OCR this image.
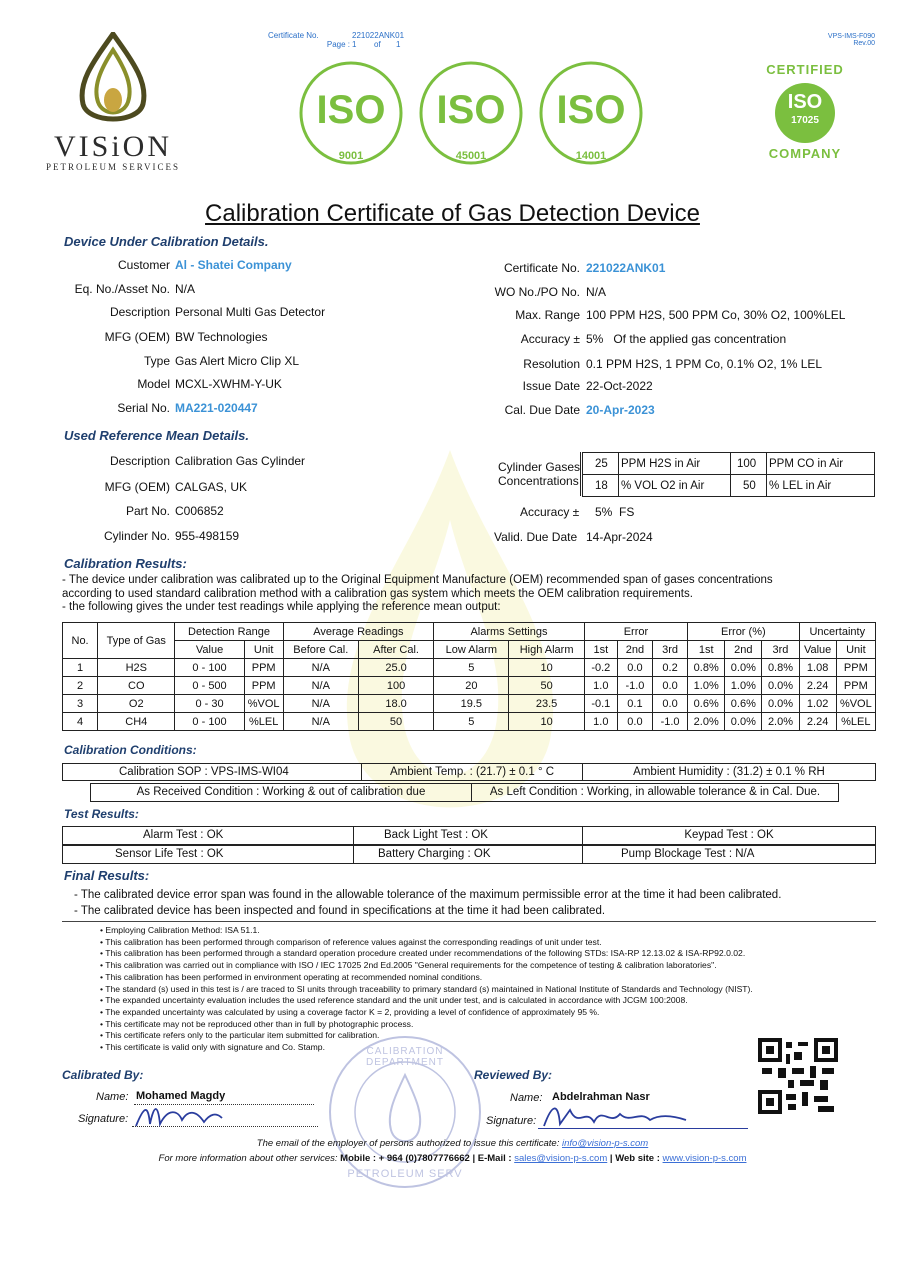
VISiON
PETROLEUM SERVICES
Certificate No.	221022ANK01
Page : 1 of 1
VPS-IMS-F090
Rev.00
ISO
9001
ISO
45001
ISO
14001
CERTIFIED
ISO
17025
COMPANY
Calibration Certificate of Gas Detection Device
Device Under Calibration Details.
Customer Al - Shatei Company
Eq. No./Asset No. N/A
Description Personal Multi Gas Detector
MFG (OEM) BW Technologies
Type Gas Alert Micro Clip XL
Model MCXL-XWHM-Y-UK
Serial No. MA221-020447
Certificate No. 221022ANK01
WO No./PO No. N/A
Max. Range 100 PPM H2S, 500 PPM Co, 30% O2, 100%LEL
Accuracy ± 5%   Of the applied gas concentration
Resolution 0.1 PPM H2S, 1 PPM Co, 0.1% O2, 1% LEL
Issue Date 22-Oct-2022
Cal. Due Date 20-Apr-2023
Used Reference Mean Details.
Description Calibration Gas Cylinder
MFG (OEM) CALGAS, UK
Part No. C006852
Cylinder No. 955-498159
Cylinder Gases
Concentrations
25	PPM H2S in Air	100	PPM CO in Air
18	% VOL O2 in Air	50	% LEL in Air
Accuracy ± 5%  FS
Valid. Due Date 14-Apr-2024
Calibration Results:
- The device under calibration was calibrated up to the Original Equipment Manufacture (OEM) recommended span of gases concentrations
according to used standard calibration method with a calibration gas system which meets the OEM calibration requirements.
- the following gives the under test readings while applying the reference mean output:
No.	Type of Gas	Detection Range		Average Readings		Alarms Settings		Error			Error (%)			Uncertainty	
		Value	Unit	Before Cal.	After Cal.	Low Alarm	High Alarm	1st	2nd	3rd	1st	2nd	3rd	Value	Unit
1	H2S	0 - 100	PPM	N/A	25.0	5	10	-0.2	0.0	0.2	0.8%	0.0%	0.8%	1.08	PPM
2	CO	0 - 500	PPM	N/A	100	20	50	1.0	-1.0	0.0	1.0%	1.0%	0.0%	2.24	PPM
3	O2	0 - 30	%VOL	N/A	18.0	19.5	23.5	-0.1	0.1	0.0	0.6%	0.6%	0.0%	1.02	%VOL
4	CH4	0 - 100	%LEL	N/A	50	5	10	1.0	0.0	-1.0	2.0%	0.0%	2.0%	2.24	%LEL
Calibration Conditions:
Calibration SOP : VPS-IMS-WI04	Ambient Temp. : (21.7) ± 0.1 ° C	Ambient Humidity : (31.2) ± 0.1 % RH
As Received Condition : Working & out of calibration due	As Left Condition : Working, in allowable tolerance & in Cal. Due.
Test Results:
Alarm Test : OK	Back Light Test : OK	Keypad Test : OK
Sensor Life Test : OK	Battery Charging : OK	Pump Blockage Test : N/A
Final Results:
- The calibrated device error span was found in the allowable tolerance of the maximum permissible error at the time it had been calibrated.
- The calibrated device has been inspected and found in specifications at the time it had been calibrated.
• Employing Calibration Method: ISA 51.1.
• This calibration has been performed through comparison of reference values against the corresponding readings of unit under test.
• This calibration has been performed through a standard operation procedure created under recommendations of the following STDs: ISA-RP 12.13.02 & ISA-RP92.0.02.
• This calibration was carried out in compliance with ISO / IEC 17025 2nd Ed.2005 "General requirements for the competence of testing & calibration laboratories".
• This calibration has been performed in environment operating at recommended nominal conditions.
• The standard (s) used in this test is / are traced to SI units through traceability to primary standard (s) maintained in National Institute of Standards and Technology (NIST).
• The expanded uncertainty evaluation includes the used reference standard and the unit under test, and is calculated in accordance with JCGM 100:2008.
• The expanded uncertainty was calculated by using a coverage factor K = 2, providing a level of confidence of approximately 95 %.
• This certificate may not be reproduced other than in full by photographic process.
• This certificate refers only to the particular item submitted for calibration.
• This certificate is valid only with signature and Co. Stamp.	CALIBRATION DEPARTMENT
PETROLEUM SERV
Calibrated By:
Name: Mohamed Magdy
Signature:
Reviewed By:
Name: Abdelrahman Nasr
Signature:
The email of the employer of persons authorized to issue this certificate: info@vision-p-s.com
For more information about other services: Mobile : + 964 (0)7807776662 | E-Mail : sales@vision-p-s.com | Web site : www.vision-p-s.com
